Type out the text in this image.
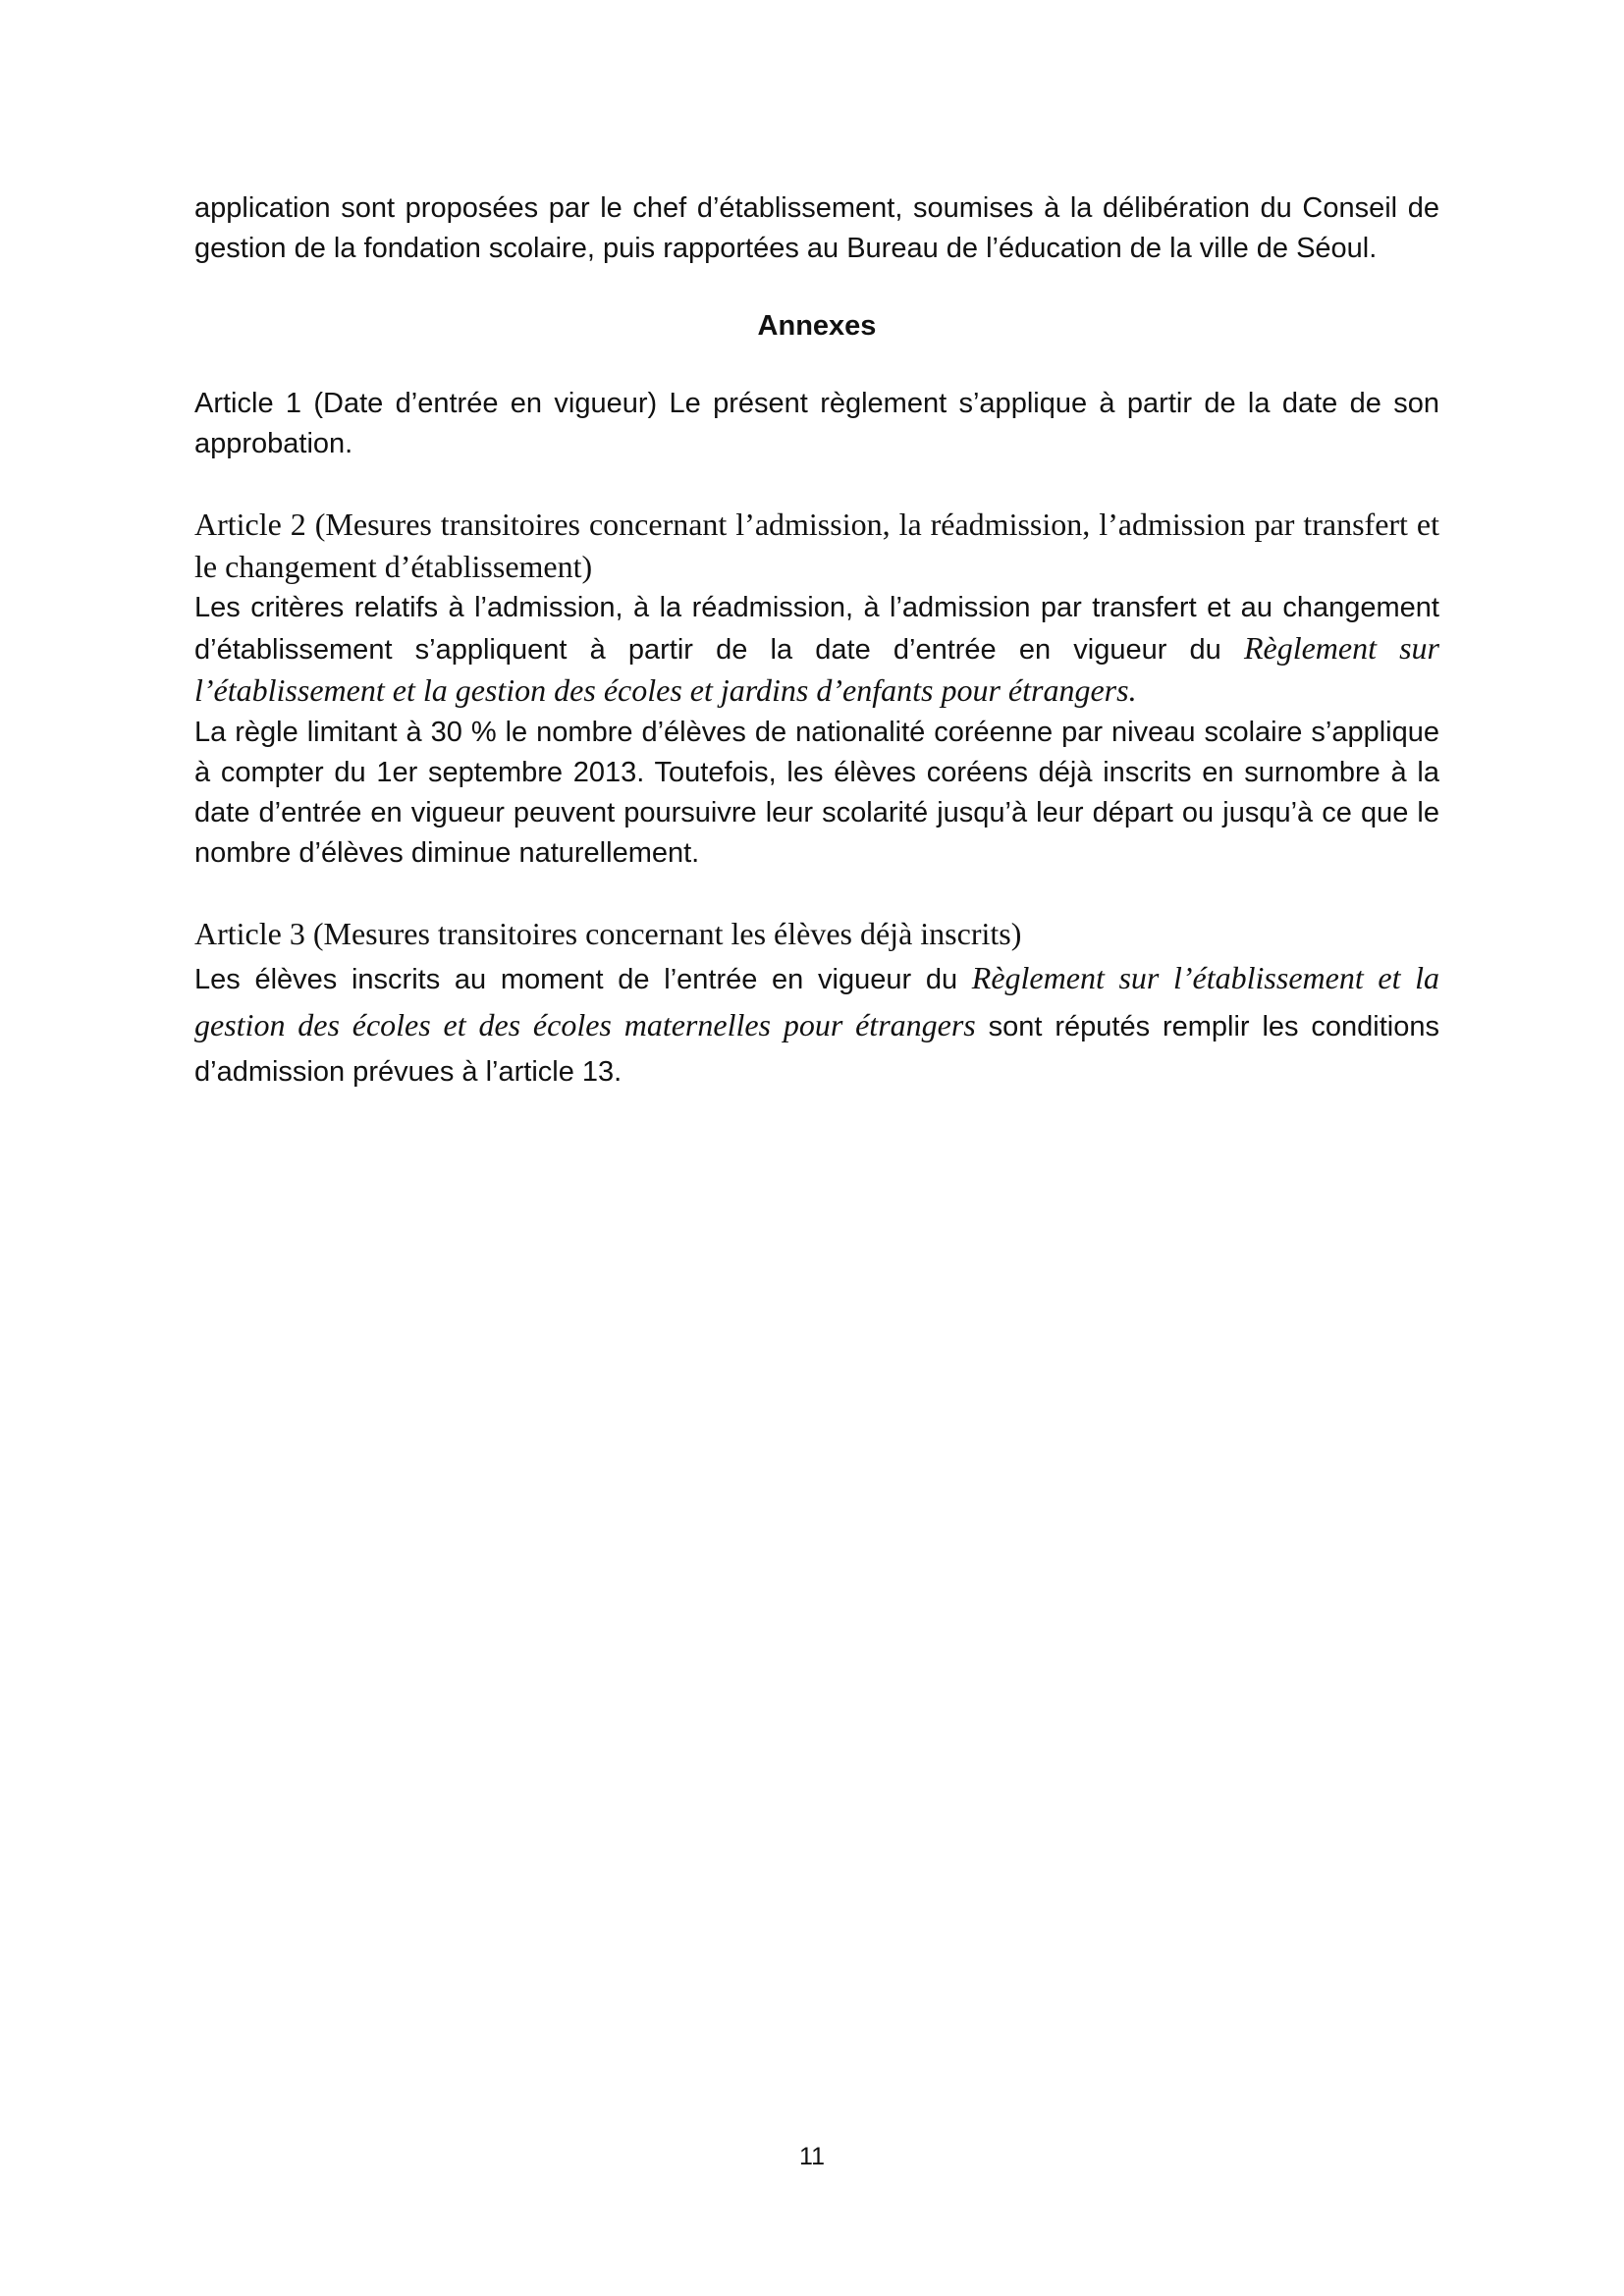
application sont proposées par le chef d’établissement, soumises à la délibération du Conseil de gestion de la fondation scolaire, puis rapportées au Bureau de l’éducation de la ville de Séoul.

Annexes

Article 1 (Date d’entrée en vigueur) Le présent règlement s’applique à partir de la date de son approbation.

Article 2 (Mesures transitoires concernant l’admission, la réadmission, l’admission par transfert et le changement d’établissement)

Les critères relatifs à l’admission, à la réadmission, à l’admission par transfert et au changement d’établissement s’appliquent à partir de la date d’entrée en vigueur du Règlement sur l’établissement et la gestion des écoles et jardins d’enfants pour étrangers.

La règle limitant à 30 % le nombre d’élèves de nationalité coréenne par niveau scolaire s’applique à compter du 1er septembre 2013. Toutefois, les élèves coréens déjà inscrits en surnombre à la date d’entrée en vigueur peuvent poursuivre leur scolarité jusqu’à leur départ ou jusqu’à ce que le nombre d’élèves diminue naturellement.

Article 3 (Mesures transitoires concernant les élèves déjà inscrits)

Les élèves inscrits au moment de l’entrée en vigueur du Règlement sur l’établissement et la gestion des écoles et des écoles maternelles pour étrangers sont réputés remplir les conditions d’admission prévues à l’article 13.

11
